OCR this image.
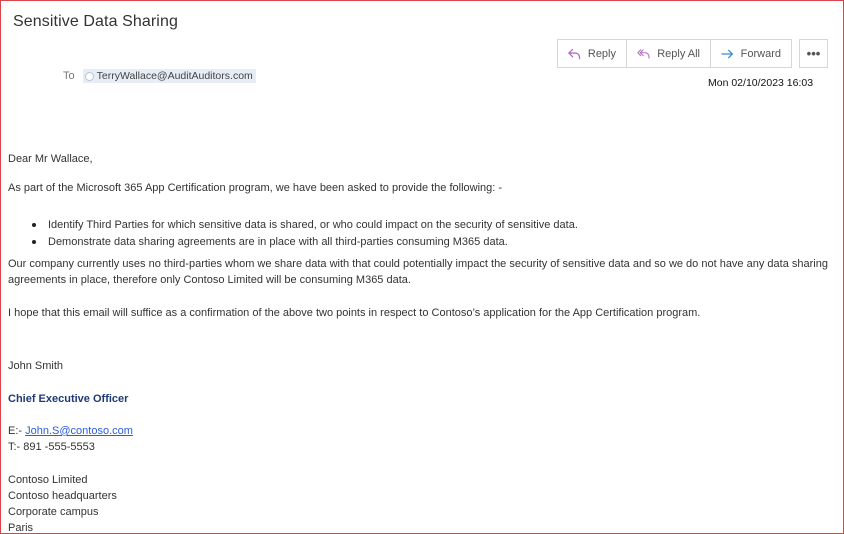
Sensitive Data Sharing
To TerryWallace@AuditAuditors.com
Reply	Reply All	Forward •••
Mon 02/10/2023 16:03

Dear Mr Wallace,

As part of the Microsoft 365 App Certification program, we have been asked to provide the following: -

Identify Third Parties for which sensitive data is shared, or who could impact on the security of sensitive data.
Demonstrate data sharing agreements are in place with all third-parties consuming M365 data.

Our company currently uses no third-parties whom we share data with that could potentially impact the security of sensitive data and so we do not have any data sharing agreements in place, therefore only Contoso Limited will be consuming M365 data.

I hope that this email will suffice as a confirmation of the above two points in respect to Contoso’s application for the App Certification program.

John Smith

Chief Executive Officer

E:- John.S@contoso.com

T:- 891 -555-5553

Contoso Limited
Contoso headquarters
Corporate campus
Paris
